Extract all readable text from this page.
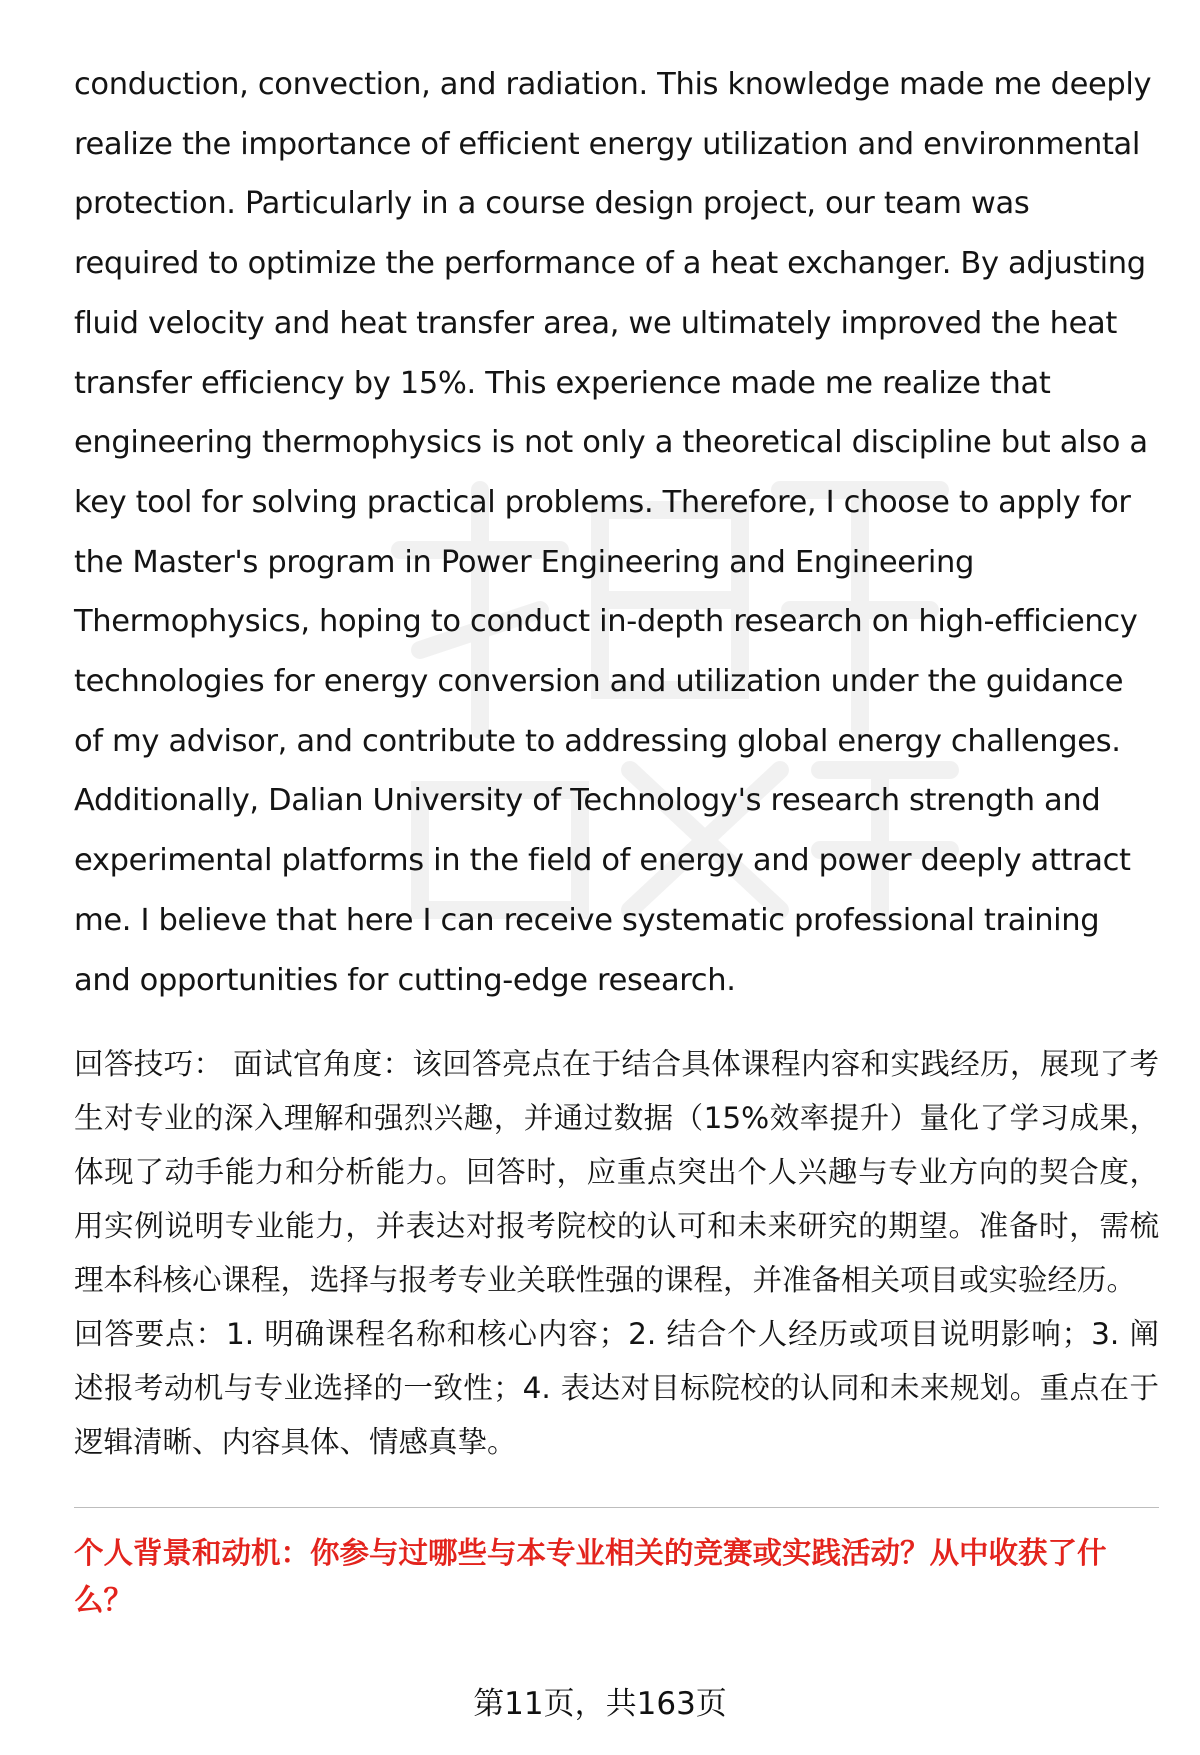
conduction, convection, and radiation. This knowledge made me deeply realize the importance of efficient energy utilization and environmental protection. Particularly in a course design project, our team was required to optimize the performance of a heat exchanger. By adjusting fluid velocity and heat transfer area, we ultimately improved the heat transfer efficiency by 15%. This experience made me realize that engineering thermophysics is not only a theoretical discipline but also a key tool for solving practical problems. Therefore, I choose to apply for the Master's program in Power Engineering and Engineering Thermophysics, hoping to conduct in-depth research on high-efficiency technologies for energy conversion and utilization under the guidance of my advisor, and contribute to addressing global energy challenges. Additionally, Dalian University of Technology's research strength and experimental platforms in the field of energy and power deeply attract me. I believe that here I can receive systematic professional training and opportunities for cutting-edge research.

回答技巧： 面试官角度：该回答亮点在于结合具体课程内容和实践经历，展现了考生对专业的深入理解和强烈兴趣，并通过数据（15%效率提升）量化了学习成果，体现了动手能力和分析能力。回答时，应重点突出个人兴趣与专业方向的契合度，用实例说明专业能力，并表达对报考院校的认可和未来研究的期望。准备时，需梳理本科核心课程，选择与报考专业关联性强的课程，并准备相关项目或实验经历。

回答要点：1. 明确课程名称和核心内容；2. 结合个人经历或项目说明影响；3. 阐述报考动机与专业选择的一致性；4. 表达对目标院校的认同和未来规划。重点在于逻辑清晰、内容具体、情感真挚。

个人背景和动机：你参与过哪些与本专业相关的竞赛或实践活动？从中收获了什么？

第11页，共163页
